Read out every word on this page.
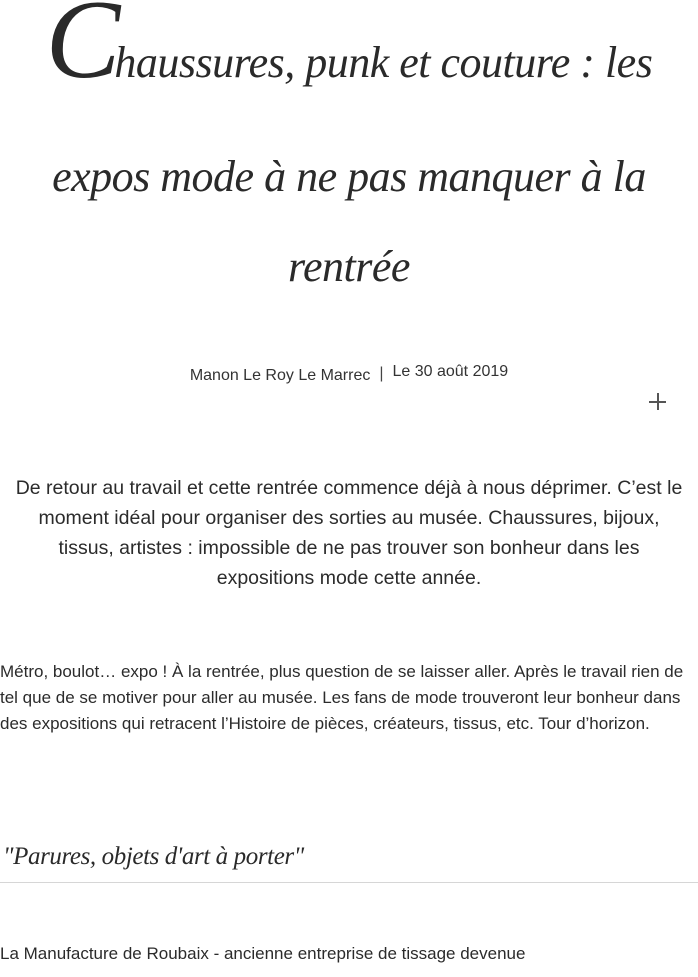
Chaussures, punk et couture : les
expos mode à ne pas manquer à la
rentrée
Manon Le Roy Le Marrec | Le 30 août 2019

De retour au travail et cette rentrée commence déjà à nous déprimer. C’est le moment idéal pour organiser des sorties au musée. Chaussures, bijoux, tissus, artistes : impossible de ne pas trouver son bonheur dans les expositions mode cette année.

Métro, boulot… expo ! À la rentrée, plus question de se laisser aller. Après le travail rien de tel que de se motiver pour aller au musée. Les fans de mode trouveront leur bonheur dans des expositions qui retracent l’Histoire de pièces, créateurs, tissus, etc. Tour d’horizon.

"Parures, objets d'art à porter"

La Manufacture de Roubaix - ancienne entreprise de tissage devenue
